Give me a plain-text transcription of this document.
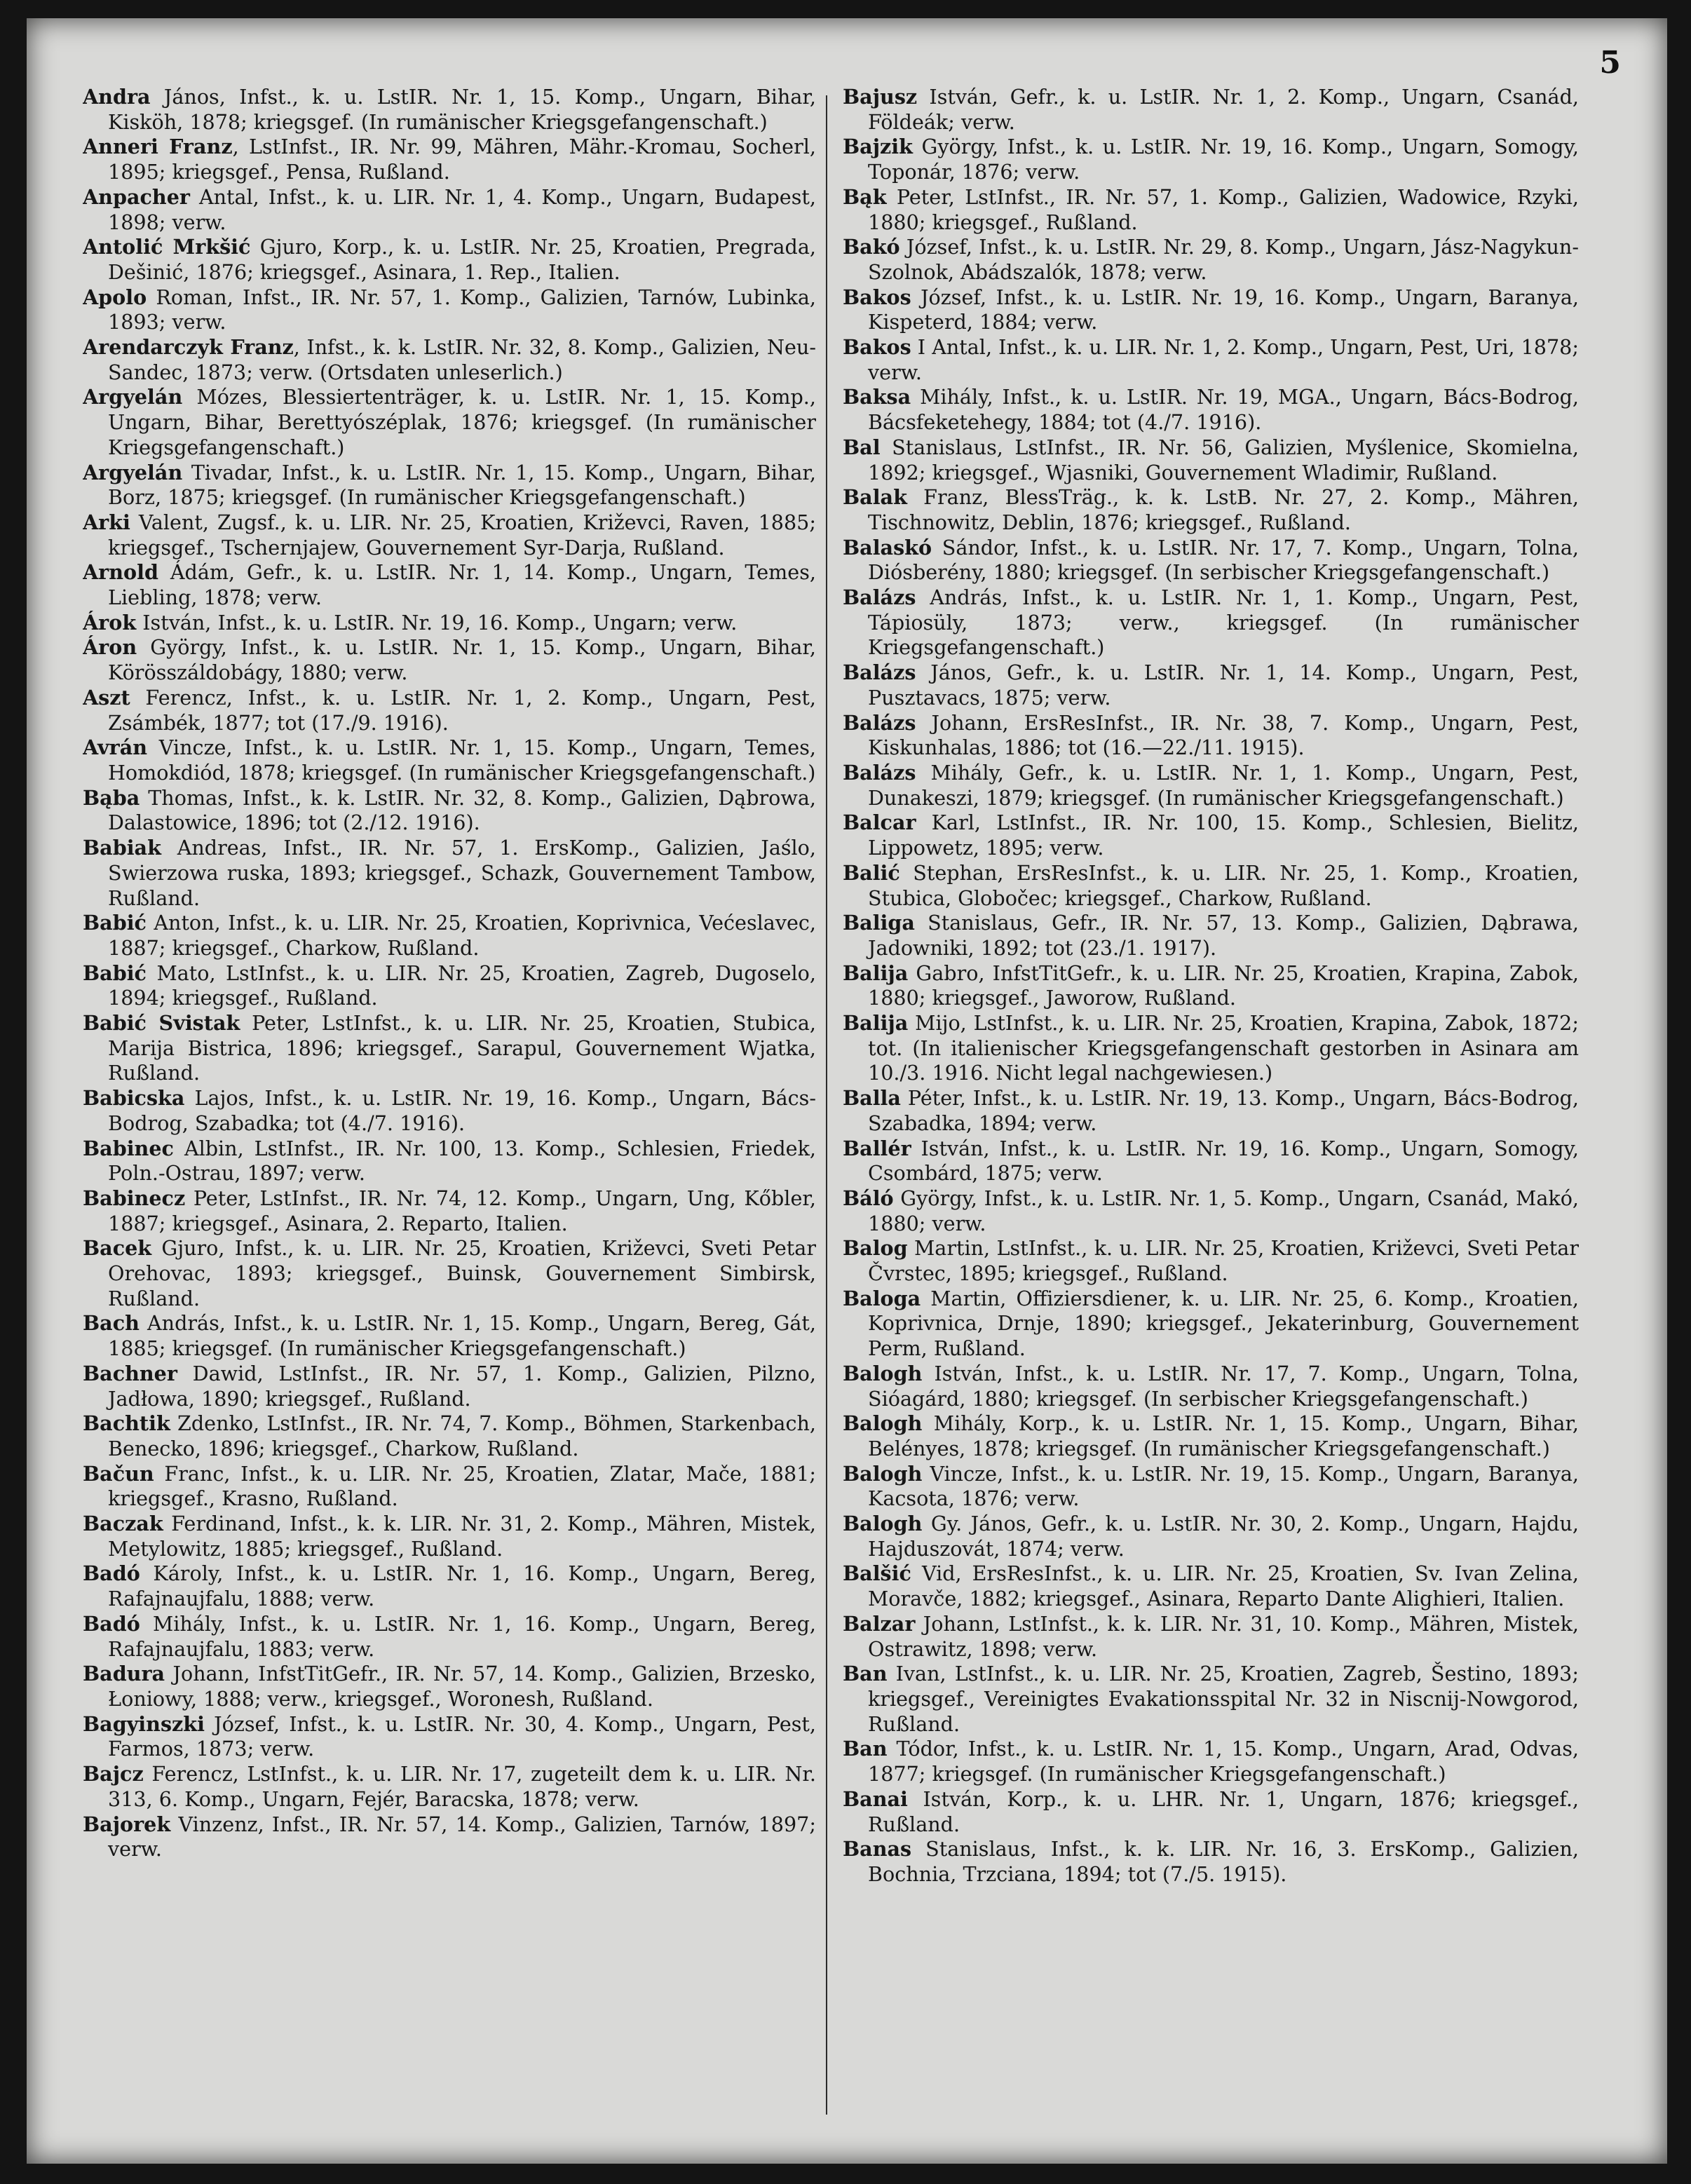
5

Andra János, Infst., k. u. LstIR. Nr. 1, 15. Komp., Ungarn, Bihar, Kisköh, 1878; kriegsgef. (In rumänischer Kriegsgefangenschaft.)

Anneri Franz, LstInfst., IR. Nr. 99, Mähren, Mähr.-Kromau, Socherl, 1895; kriegsgef., Pensa, Rußland.

Anpacher Antal, Infst., k. u. LIR. Nr. 1, 4. Komp., Ungarn, Budapest, 1898; verw.

Antolić Mrkšić Gjuro, Korp., k. u. LstIR. Nr. 25, Kroatien, Pregrada, Dešinić, 1876; kriegsgef., Asinara, 1. Rep., Italien.

Apolo Roman, Infst., IR. Nr. 57, 1. Komp., Galizien, Tarnów, Lubinka, 1893; verw.

Arendarczyk Franz, Infst., k. k. LstIR. Nr. 32, 8. Komp., Galizien, Neu-Sandec, 1873; verw. (Ortsdaten unleserlich.)

Argyelán Mózes, Blessiertenträger, k. u. LstIR. Nr. 1, 15. Komp., Ungarn, Bihar, Berettyószéplak, 1876; kriegsgef. (In rumänischer Kriegsgefangenschaft.)

Argyelán Tivadar, Infst., k. u. LstIR. Nr. 1, 15. Komp., Ungarn, Bihar, Borz, 1875; kriegsgef. (In rumänischer Kriegsgefangenschaft.)

Arki Valent, Zugsf., k. u. LIR. Nr. 25, Kroatien, Križevci, Raven, 1885; kriegsgef., Tschernjajew, Gouvernement Syr-Darja, Rußland.

Arnold Ádám, Gefr., k. u. LstIR. Nr. 1, 14. Komp., Ungarn, Temes, Liebling, 1878; verw.

Árok István, Infst., k. u. LstIR. Nr. 19, 16. Komp., Ungarn; verw.

Áron György, Infst., k. u. LstIR. Nr. 1, 15. Komp., Ungarn, Bihar, Körösszáldobágy, 1880; verw.

Aszt Ferencz, Infst., k. u. LstIR. Nr. 1, 2. Komp., Ungarn, Pest, Zsámbék, 1877; tot (17./9. 1916).

Avrán Vincze, Infst., k. u. LstIR. Nr. 1, 15. Komp., Ungarn, Temes, Homokdiód, 1878; kriegsgef. (In rumänischer Kriegsgefangenschaft.)

Bąba Thomas, Infst., k. k. LstIR. Nr. 32, 8. Komp., Galizien, Dąbrowa, Dalastowice, 1896; tot (2./12. 1916).

Babiak Andreas, Infst., IR. Nr. 57, 1. ErsKomp., Galizien, Jaślo, Swierzowa ruska, 1893; kriegsgef., Schazk, Gouvernement Tambow, Rußland.

Babić Anton, Infst., k. u. LIR. Nr. 25, Kroatien, Koprivnica, Većeslavec, 1887; kriegsgef., Charkow, Rußland.

Babić Mato, LstInfst., k. u. LIR. Nr. 25, Kroatien, Zagreb, Dugoselo, 1894; kriegsgef., Rußland.

Babić Svistak Peter, LstInfst., k. u. LIR. Nr. 25, Kroatien, Stubica, Marija Bistrica, 1896; kriegsgef., Sarapul, Gouvernement Wjatka, Rußland.

Babicska Lajos, Infst., k. u. LstIR. Nr. 19, 16. Komp., Ungarn, Bács-Bodrog, Szabadka; tot (4./7. 1916).

Babinec Albin, LstInfst., IR. Nr. 100, 13. Komp., Schlesien, Friedek, Poln.-Ostrau, 1897; verw.

Babinecz Peter, LstInfst., IR. Nr. 74, 12. Komp., Ungarn, Ung, Kőbler, 1887; kriegsgef., Asinara, 2. Reparto, Italien.

Bacek Gjuro, Infst., k. u. LIR. Nr. 25, Kroatien, Križevci, Sveti Petar Orehovac, 1893; kriegsgef., Buinsk, Gouvernement Simbirsk, Rußland.

Bach András, Infst., k. u. LstIR. Nr. 1, 15. Komp., Ungarn, Bereg, Gát, 1885; kriegsgef. (In rumänischer Kriegsgefangenschaft.)

Bachner Dawid, LstInfst., IR. Nr. 57, 1. Komp., Galizien, Pilzno, Jadłowa, 1890; kriegsgef., Rußland.

Bachtik Zdenko, LstInfst., IR. Nr. 74, 7. Komp., Böhmen, Starkenbach, Benecko, 1896; kriegsgef., Charkow, Rußland.

Bačun Franc, Infst., k. u. LIR. Nr. 25, Kroatien, Zlatar, Mače, 1881; kriegsgef., Krasno, Rußland.

Baczak Ferdinand, Infst., k. k. LIR. Nr. 31, 2. Komp., Mähren, Mistek, Metylowitz, 1885; kriegsgef., Rußland.

Badó Károly, Infst., k. u. LstIR. Nr. 1, 16. Komp., Ungarn, Bereg, Rafajnaujfalu, 1888; verw.

Badó Mihály, Infst., k. u. LstIR. Nr. 1, 16. Komp., Ungarn, Bereg, Rafajnaujfalu, 1883; verw.

Badura Johann, InfstTitGefr., IR. Nr. 57, 14. Komp., Galizien, Brzesko, Łoniowy, 1888; verw., kriegsgef., Woronesh, Rußland.

Bagyinszki József, Infst., k. u. LstIR. Nr. 30, 4. Komp., Ungarn, Pest, Farmos, 1873; verw.

Bajcz Ferencz, LstInfst., k. u. LIR. Nr. 17, zugeteilt dem k. u. LIR. Nr. 313, 6. Komp., Ungarn, Fejér, Baracska, 1878; verw.

Bajorek Vinzenz, Infst., IR. Nr. 57, 14. Komp., Galizien, Tarnów, 1897; verw.

Bajusz István, Gefr., k. u. LstIR. Nr. 1, 2. Komp., Ungarn, Csanád, Földeák; verw.

Bajzik György, Infst., k. u. LstIR. Nr. 19, 16. Komp., Ungarn, Somogy, Toponár, 1876; verw.

Bąk Peter, LstInfst., IR. Nr. 57, 1. Komp., Galizien, Wadowice, Rzyki, 1880; kriegsgef., Rußland.

Bakó József, Infst., k. u. LstIR. Nr. 29, 8. Komp., Ungarn, Jász-Nagykun-Szolnok, Abádszalók, 1878; verw.

Bakos József, Infst., k. u. LstIR. Nr. 19, 16. Komp., Ungarn, Baranya, Kispeterd, 1884; verw.

Bakos I Antal, Infst., k. u. LIR. Nr. 1, 2. Komp., Ungarn, Pest, Uri, 1878; verw.

Baksa Mihály, Infst., k. u. LstIR. Nr. 19, MGA., Ungarn, Bács-Bodrog, Bácsfeketehegy, 1884; tot (4./7. 1916).

Bal Stanislaus, LstInfst., IR. Nr. 56, Galizien, Myślenice, Skomielna, 1892; kriegsgef., Wjasniki, Gouvernement Wladimir, Rußland.

Balak Franz, BlessTräg., k. k. LstB. Nr. 27, 2. Komp., Mähren, Tischnowitz, Deblin, 1876; kriegsgef., Rußland.

Balaskó Sándor, Infst., k. u. LstIR. Nr. 17, 7. Komp., Ungarn, Tolna, Diósberény, 1880; kriegsgef. (In serbischer Kriegsgefangenschaft.)

Balázs András, Infst., k. u. LstIR. Nr. 1, 1. Komp., Ungarn, Pest, Tápiosüly, 1873; verw., kriegsgef. (In rumänischer Kriegsgefangenschaft.)

Balázs János, Gefr., k. u. LstIR. Nr. 1, 14. Komp., Ungarn, Pest, Pusztavacs, 1875; verw.

Balázs Johann, ErsResInfst., IR. Nr. 38, 7. Komp., Ungarn, Pest, Kiskunhalas, 1886; tot (16.—22./11. 1915).

Balázs Mihály, Gefr., k. u. LstIR. Nr. 1, 1. Komp., Ungarn, Pest, Dunakeszi, 1879; kriegsgef. (In rumänischer Kriegsgefangenschaft.)

Balcar Karl, LstInfst., IR. Nr. 100, 15. Komp., Schlesien, Bielitz, Lippowetz, 1895; verw.

Balić Stephan, ErsResInfst., k. u. LIR. Nr. 25, 1. Komp., Kroatien, Stubica, Globočec; kriegsgef., Charkow, Rußland.

Baliga Stanislaus, Gefr., IR. Nr. 57, 13. Komp., Galizien, Dąbrawa, Jadowniki, 1892; tot (23./1. 1917).

Balija Gabro, InfstTitGefr., k. u. LIR. Nr. 25, Kroatien, Krapina, Zabok, 1880; kriegsgef., Jaworow, Rußland.

Balija Mijo, LstInfst., k. u. LIR. Nr. 25, Kroatien, Krapina, Zabok, 1872; tot. (In italienischer Kriegsgefangenschaft gestorben in Asinara am 10./3. 1916. Nicht legal nachgewiesen.)

Balla Péter, Infst., k. u. LstIR. Nr. 19, 13. Komp., Ungarn, Bács-Bodrog, Szabadka, 1894; verw.

Ballér István, Infst., k. u. LstIR. Nr. 19, 16. Komp., Ungarn, Somogy, Csombárd, 1875; verw.

Báló György, Infst., k. u. LstIR. Nr. 1, 5. Komp., Ungarn, Csanád, Makó, 1880; verw.

Balog Martin, LstInfst., k. u. LIR. Nr. 25, Kroatien, Križevci, Sveti Petar Čvrstec, 1895; kriegsgef., Rußland.

Baloga Martin, Offiziersdiener, k. u. LIR. Nr. 25, 6. Komp., Kroatien, Koprivnica, Drnje, 1890; kriegsgef., Jekaterinburg, Gouvernement Perm, Rußland.

Balogh István, Infst., k. u. LstIR. Nr. 17, 7. Komp., Ungarn, Tolna, Sióagárd, 1880; kriegsgef. (In serbischer Kriegsgefangenschaft.)

Balogh Mihály, Korp., k. u. LstIR. Nr. 1, 15. Komp., Ungarn, Bihar, Belényes, 1878; kriegsgef. (In rumänischer Kriegsgefangenschaft.)

Balogh Vincze, Infst., k. u. LstIR. Nr. 19, 15. Komp., Ungarn, Baranya, Kacsota, 1876; verw.

Balogh Gy. János, Gefr., k. u. LstIR. Nr. 30, 2. Komp., Ungarn, Hajdu, Hajduszovát, 1874; verw.

Balšić Vid, ErsResInfst., k. u. LIR. Nr. 25, Kroatien, Sv. Ivan Zelina, Moravče, 1882; kriegsgef., Asinara, Reparto Dante Alighieri, Italien.

Balzar Johann, LstInfst., k. k. LIR. Nr. 31, 10. Komp., Mähren, Mistek, Ostrawitz, 1898; verw.

Ban Ivan, LstInfst., k. u. LIR. Nr. 25, Kroatien, Zagreb, Šestino, 1893; kriegsgef., Vereinigtes Evakationsspital Nr. 32 in Niscnij-Nowgorod, Rußland.

Ban Tódor, Infst., k. u. LstIR. Nr. 1, 15. Komp., Ungarn, Arad, Odvas, 1877; kriegsgef. (In rumänischer Kriegsgefangenschaft.)

Banai István, Korp., k. u. LHR. Nr. 1, Ungarn, 1876; kriegsgef., Rußland.

Banas Stanislaus, Infst., k. k. LIR. Nr. 16, 3. ErsKomp., Galizien, Bochnia, Trzciana, 1894; tot (7./5. 1915).
